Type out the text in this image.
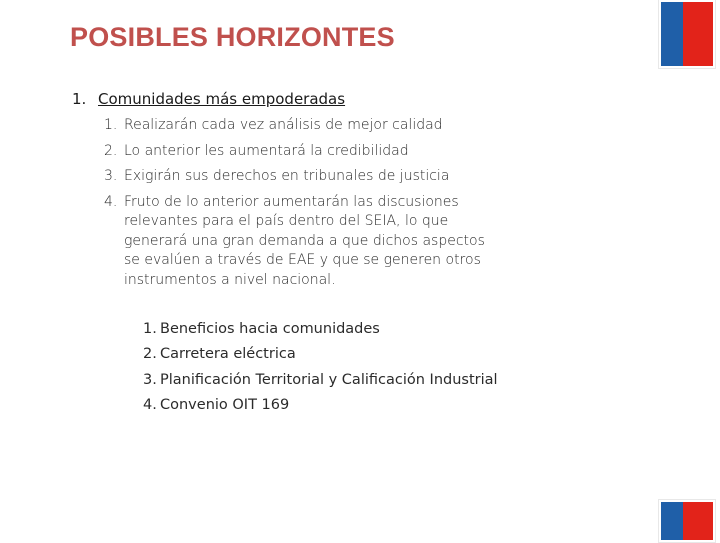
POSIBLES HORIZONTES
1. Comunidades más empoderadas
1. Realizarán cada vez análisis de mejor calidad
2. Lo anterior les aumentará la credibilidad
3. Exigirán sus derechos en tribunales de justicia
4. Fruto de lo anterior aumentarán las discusiones relevantes para el país dentro del SEIA, lo que generará una gran demanda a que dichos aspectos se evalúen a través de EAE y que se generen otros instrumentos a nivel nacional.
1. Beneficios hacia comunidades
2. Carretera eléctrica
3. Planificación Territorial y Calificación Industrial
4. Convenio OIT 169
